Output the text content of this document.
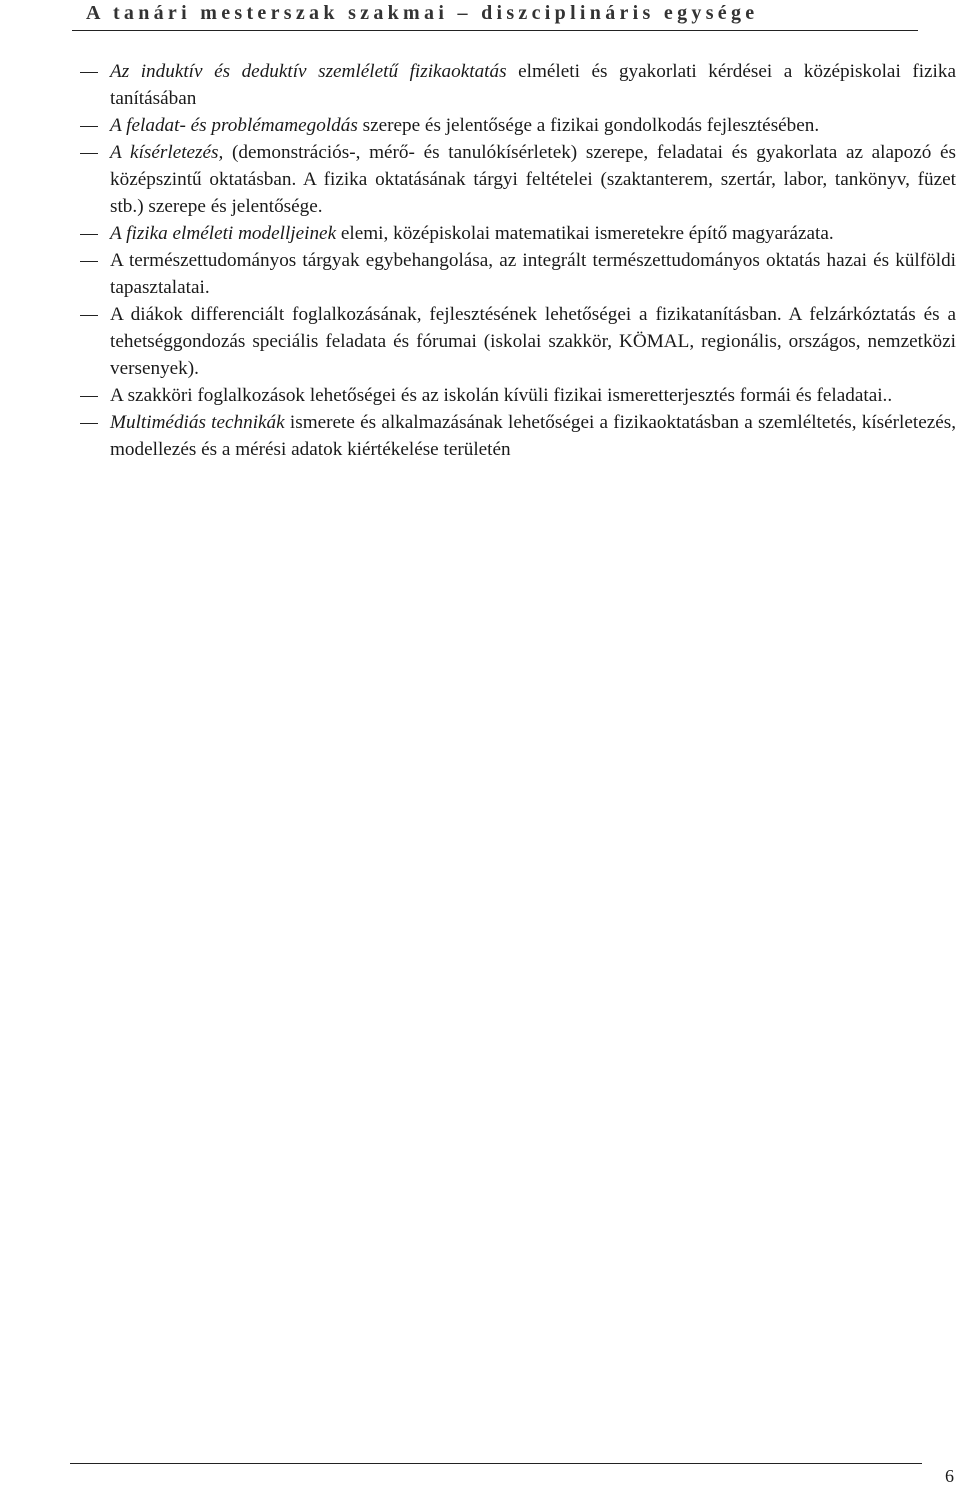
A tanári mesterszak szakmai – diszciplináris egysége
Az induktív és deduktív szemléletű fizikaoktatás elméleti és gyakorlati kérdései a középiskolai fizika tanításában
A feladat- és problémamegoldás szerepe és jelentősége a fizikai gondolkodás fejlesztésében.
A kísérletezés, (demonstrációs-, mérő- és tanulókísérletek) szerepe, feladatai és gyakorlata az alapozó és középszintű oktatásban. A fizika oktatásának tárgyi feltételei (szaktanterem, szertár, labor, tankönyv, füzet stb.) szerepe és jelentősége.
A fizika elméleti modelljeinek elemi, középiskolai matematikai ismeretekre építő magyarázata.
A természettudományos tárgyak egybehangolása, az integrált természettudományos oktatás hazai és külföldi tapasztalatai.
A diákok differenciált foglalkozásának, fejlesztésének lehetőségei a fizikatanításban. A felzárkóztatás és a tehetséggondozás speciális feladata és fórumai (iskolai szakkör, KÖMAL, regionális, országos, nemzetközi versenyek).
A szakköri foglalkozások lehetőségei és az iskolán kívüli fizikai ismeretterjesztés formái és feladatai..
Multimédiás technikák ismerete és alkalmazásának lehetőségei a fizikaoktatásban a szemléltetés, kísérletezés, modellezés és a mérési adatok kiértékelése területén
6
